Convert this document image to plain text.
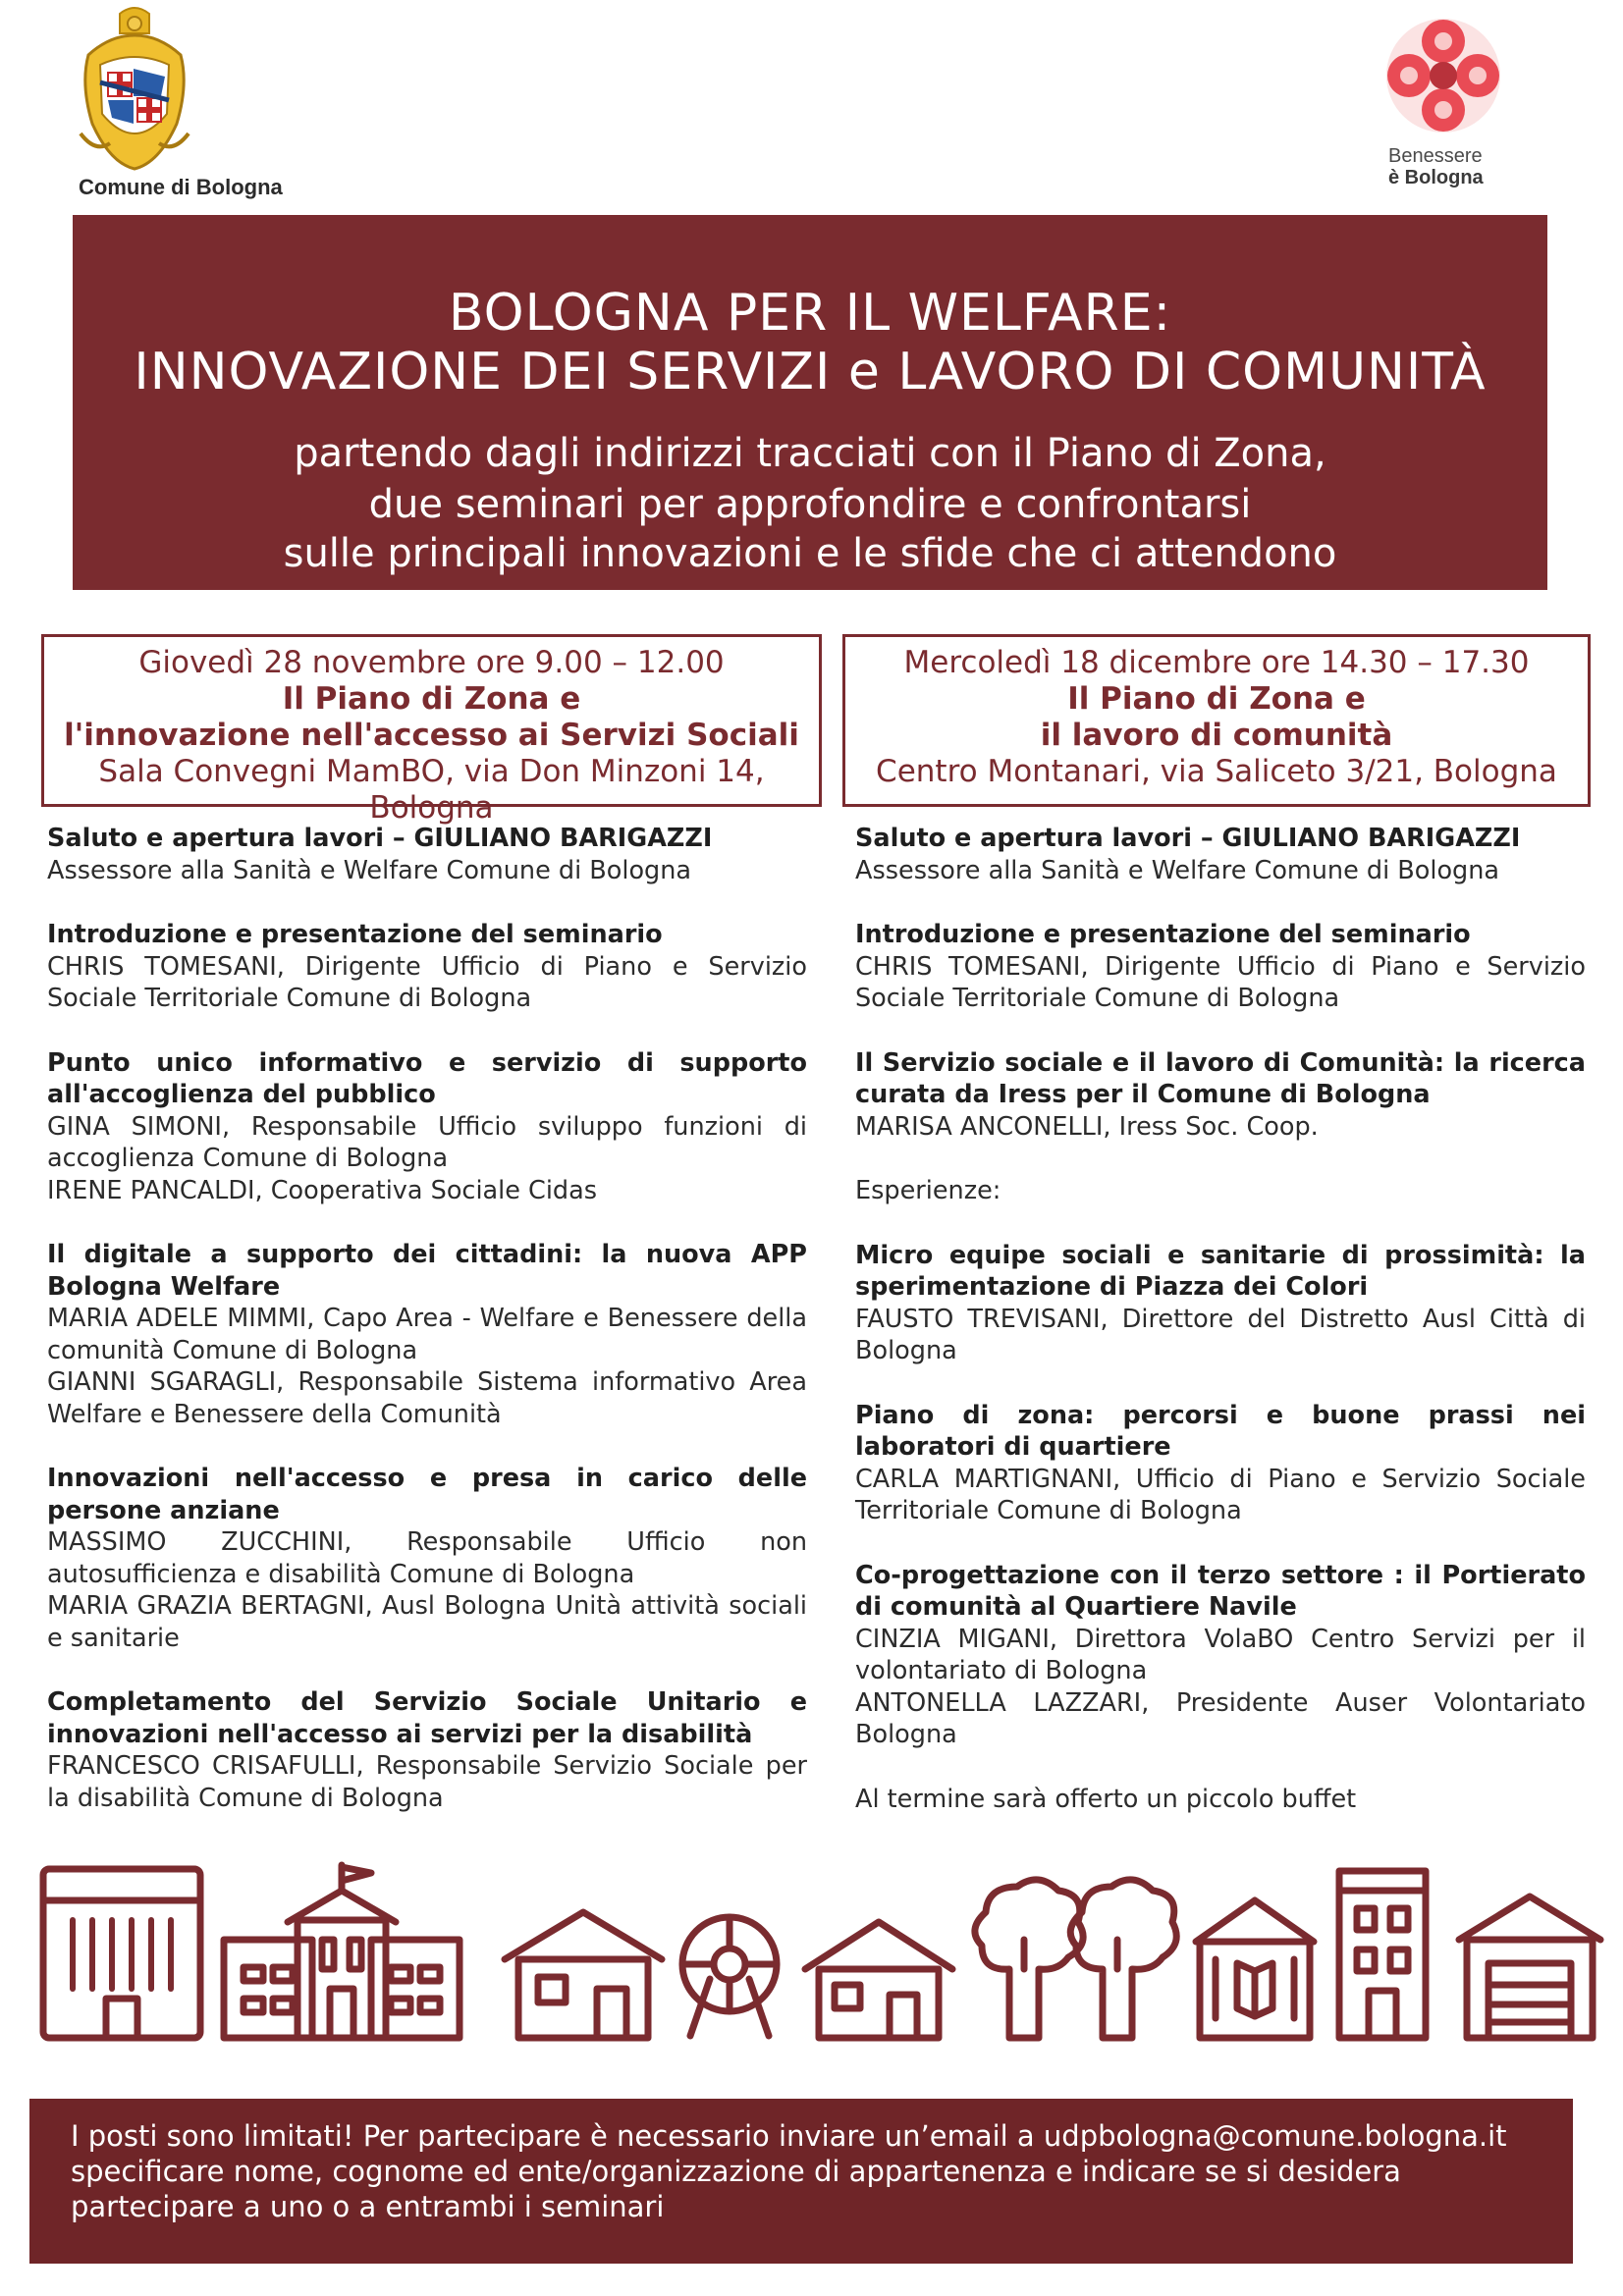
Comune di Bologna
Benessere
è Bologna
BOLOGNA PER IL WELFARE:
INNOVAZIONE DEI SERVIZI e LAVORO DI COMUNITÀ
partendo dagli indirizzi tracciati con il Piano di Zona,
due seminari per approfondire e confrontarsi
sulle principali innovazioni e le sfide che ci attendono
Giovedì 28 novembre ore 9.00 – 12.00
Il Piano di Zona e
l'innovazione nell'accesso ai Servizi Sociali
Sala Convegni MamBO, via Don Minzoni 14, Bologna
Mercoledì 18 dicembre ore 14.30 – 17.30
Il Piano di Zona e
il lavoro di comunità
Centro Montanari, via Saliceto 3/21, Bologna
Saluto e apertura lavori – GIULIANO BARIGAZZI

Assessore alla Sanità e Welfare Comune di Bologna

Introduzione e presentazione del seminario

CHRIS TOMESANI, Dirigente Ufficio di Piano e Servizio Sociale Territoriale Comune di Bologna

Punto unico informativo e servizio di supporto all'accoglienza del pubblico

GINA SIMONI, Responsabile Ufficio sviluppo funzioni di accoglienza Comune di Bologna

IRENE PANCALDI, Cooperativa Sociale Cidas

Il digitale a supporto dei cittadini: la nuova APP Bologna Welfare

MARIA ADELE MIMMI, Capo Area - Welfare e Benessere della comunità Comune di Bologna

GIANNI SGARAGLI, Responsabile Sistema informativo Area Welfare e Benessere della Comunità

Innovazioni nell'accesso e presa in carico delle persone anziane

MASSIMO ZUCCHINI, Responsabile Ufficio non autosufficienza e disabilità Comune di Bologna

MARIA GRAZIA BERTAGNI, Ausl Bologna Unità attività sociali e sanitarie

Completamento del Servizio Sociale Unitario e innovazioni nell'accesso ai servizi per la disabilità

FRANCESCO CRISAFULLI, Responsabile Servizio Sociale per la disabilità Comune di Bologna

Saluto e apertura lavori – GIULIANO BARIGAZZI

Assessore alla Sanità e Welfare Comune di Bologna

Introduzione e presentazione del seminario

CHRIS TOMESANI, Dirigente Ufficio di Piano e Servizio Sociale Territoriale Comune di Bologna

Il Servizio sociale e il lavoro di Comunità: la ricerca curata da Iress per il Comune di Bologna

MARISA ANCONELLI, Iress Soc. Coop.

Esperienze:

Micro equipe sociali e sanitarie di prossimità: la sperimentazione di Piazza dei Colori

FAUSTO TREVISANI, Direttore del Distretto Ausl Città di Bologna

Piano di zona: percorsi e buone prassi nei laboratori di quartiere

CARLA MARTIGNANI, Ufficio di Piano e Servizio Sociale Territoriale Comune di Bologna

Co-progettazione con il terzo settore : il Portierato di comunità al Quartiere Navile

CINZIA MIGANI, Direttora VolaBO Centro Servizi per il volontariato di Bologna

ANTONELLA LAZZARI, Presidente Auser Volontariato Bologna

Al termine sarà offerto un piccolo buffet

I posti sono limitati! Per partecipare è necessario inviare un’email a udpbologna@comune.bologna.it

specificare nome, cognome ed ente/organizzazione di appartenenza e indicare se si desidera

partecipare a uno o a entrambi i seminari
